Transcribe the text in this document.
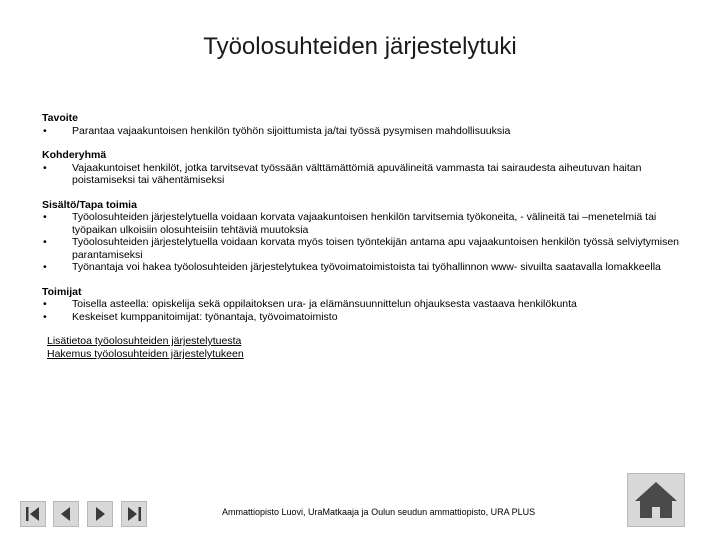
Työolosuhteiden järjestelytuki
Tavoite
•	Parantaa vajaakuntoisen henkilön työhön sijoittumista ja/tai työssä pysymisen mahdollisuuksia
Kohderyhmä
•	Vajaakuntoiset henkilöt, jotka tarvitsevat työssään välttämättömiä apuvälineitä vammasta tai sairaudesta aiheutuvan haitan poistamiseksi tai vähentämiseksi
Sisältö/Tapa toimia
•	Työolosuhteiden järjestelytuella voidaan korvata vajaakuntoisen henkilön tarvitsemia työkoneita, - välineitä tai –menetelmiä tai työpaikan ulkoisiin olosuhteisiin tehtäviä muutoksia
•	Työolosuhteiden järjestelytuella voidaan korvata myös toisen työntekijän antama apu vajaakuntoisen henkilön työssä selviytymisen parantamiseksi
•	Työnantaja voi hakea työolosuhteiden järjestelytukea työvoimatoimistoista tai työhallinnon www- sivuilta saatavalla lomakkeella
Toimijat
•	Toisella asteella: opiskelija sekä oppilaitoksen ura- ja elämänsuunnittelun ohjauksesta vastaava henkilökunta
•	Keskeiset kumppanitoimijat: työnantaja, työvoimatoimisto
Lisätietoa työolosuhteiden järjestelytuesta
Hakemus työolosuhteiden järjestelytukeen
Ammattiopisto Luovi, UraMatkaaja ja Oulun seudun ammattiopisto, URA PLUS
